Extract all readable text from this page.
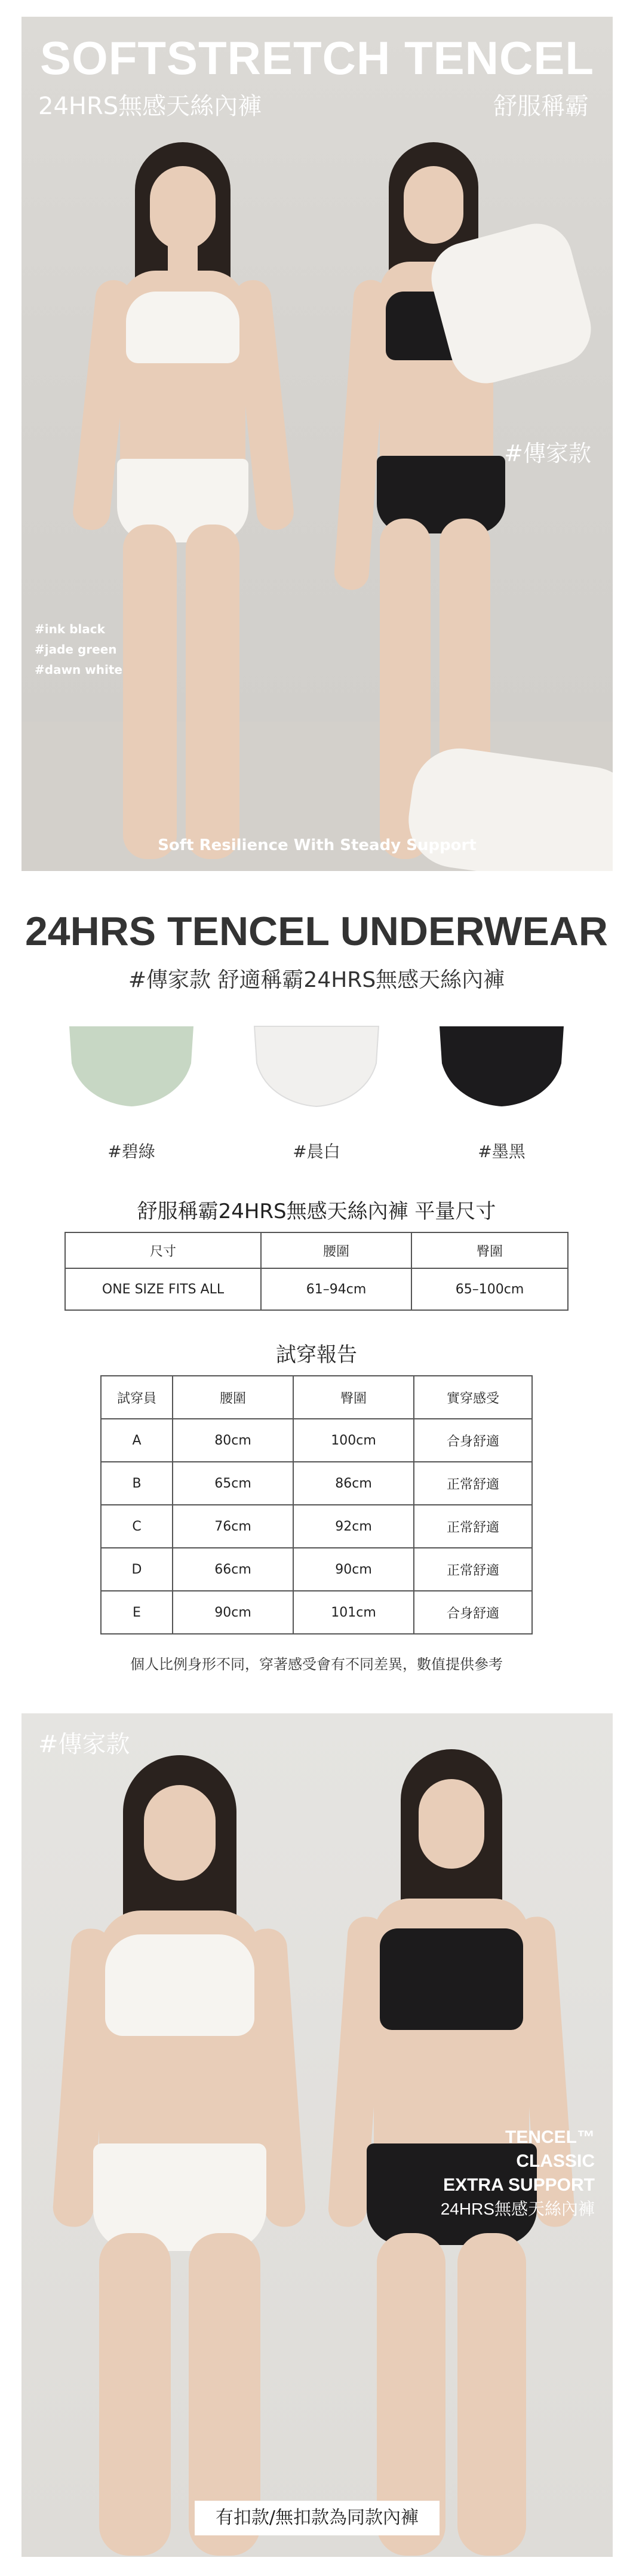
SOFTSTRETCH TENCEL
24HRS無感天絲內褲	舒服稱霸
#傳家款
#ink black
#jade green
#dawn white
Soft Resilience With Steady Support
24HRS TENCEL UNDERWEAR
#傳家款 舒適稱霸24HRS無感天絲內褲
#碧綠	#晨白	#墨黑
舒服稱霸24HRS無感天絲內褲 平量尺寸
尺寸	腰圍	臀圍
ONE SIZE FITS ALL	61–94cm	65–100cm
試穿報告
試穿員	腰圍	臀圍	實穿感受
A	80cm	100cm	合身舒適
B	65cm	86cm	正常舒適
C	76cm	92cm	正常舒適
D	66cm	90cm	正常舒適
E	90cm	101cm	合身舒適
個人比例身形不同，穿著感受會有不同差異，數值提供參考
#傳家款
TENCEL™
CLASSIC
EXTRA SUPPORT
24HRS無感天絲內褲
有扣款/無扣款為同款內褲
